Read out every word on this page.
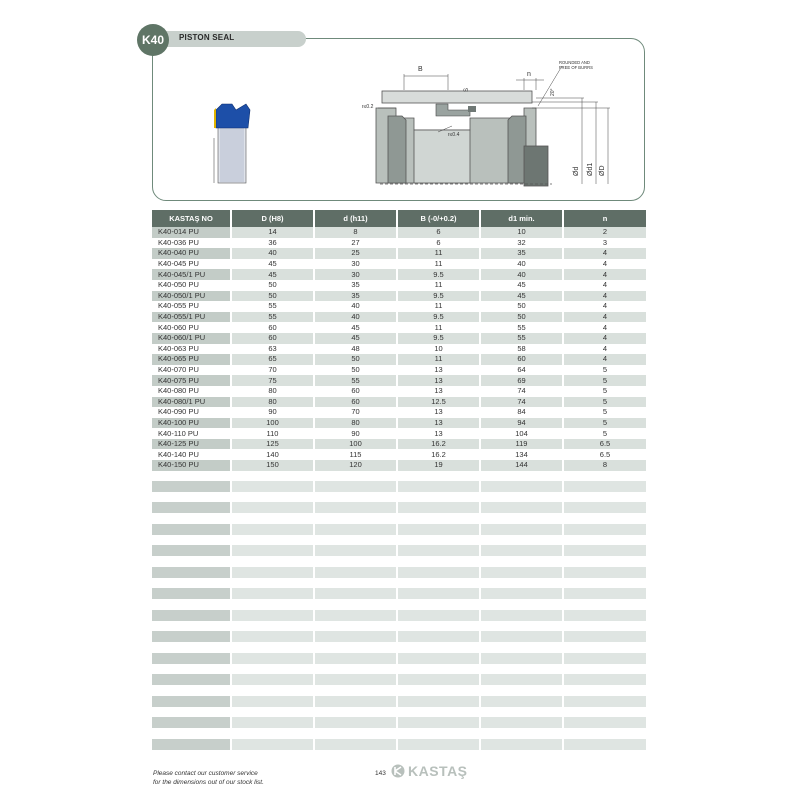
K40	PISTON SEAL
B
n
S
r≤0.2
r≤0.4
20°
ROUNDED AND
FREE OF BURRS
Ød Ød1 ØD
KASTAŞ NO	D (H8)	d (h11)	B (-0/+0.2)	d1 min.	n
K40-014 PU	14	8	6	10	2
K40-036 PU	36	27	6	32	3
K40-040 PU	40	25	11	35	4
K40-045 PU	45	30	11	40	4
K40-045/1 PU	45	30	9.5	40	4
K40-050 PU	50	35	11	45	4
K40-050/1 PU	50	35	9.5	45	4
K40-055 PU	55	40	11	50	4
K40-055/1 PU	55	40	9.5	50	4
K40-060 PU	60	45	11	55	4
K40-060/1 PU	60	45	9.5	55	4
K40-063 PU	63	48	10	58	4
K40-065 PU	65	50	11	60	4
K40-070 PU	70	50	13	64	5
K40-075 PU	75	55	13	69	5
K40-080 PU	80	60	13	74	5
K40-080/1 PU	80	60	12.5	74	5
K40-090 PU	90	70	13	84	5
K40-100 PU	100	80	13	94	5
K40-110 PU	110	90	13	104	5
K40-125 PU	125	100	16.2	119	6.5
K40-140 PU	140	115	16.2	134	6.5
K40-150 PU	150	120	19	144	8
Please contact our customer service
for the dimensions out of our stock list.
143 KASTAŞ
